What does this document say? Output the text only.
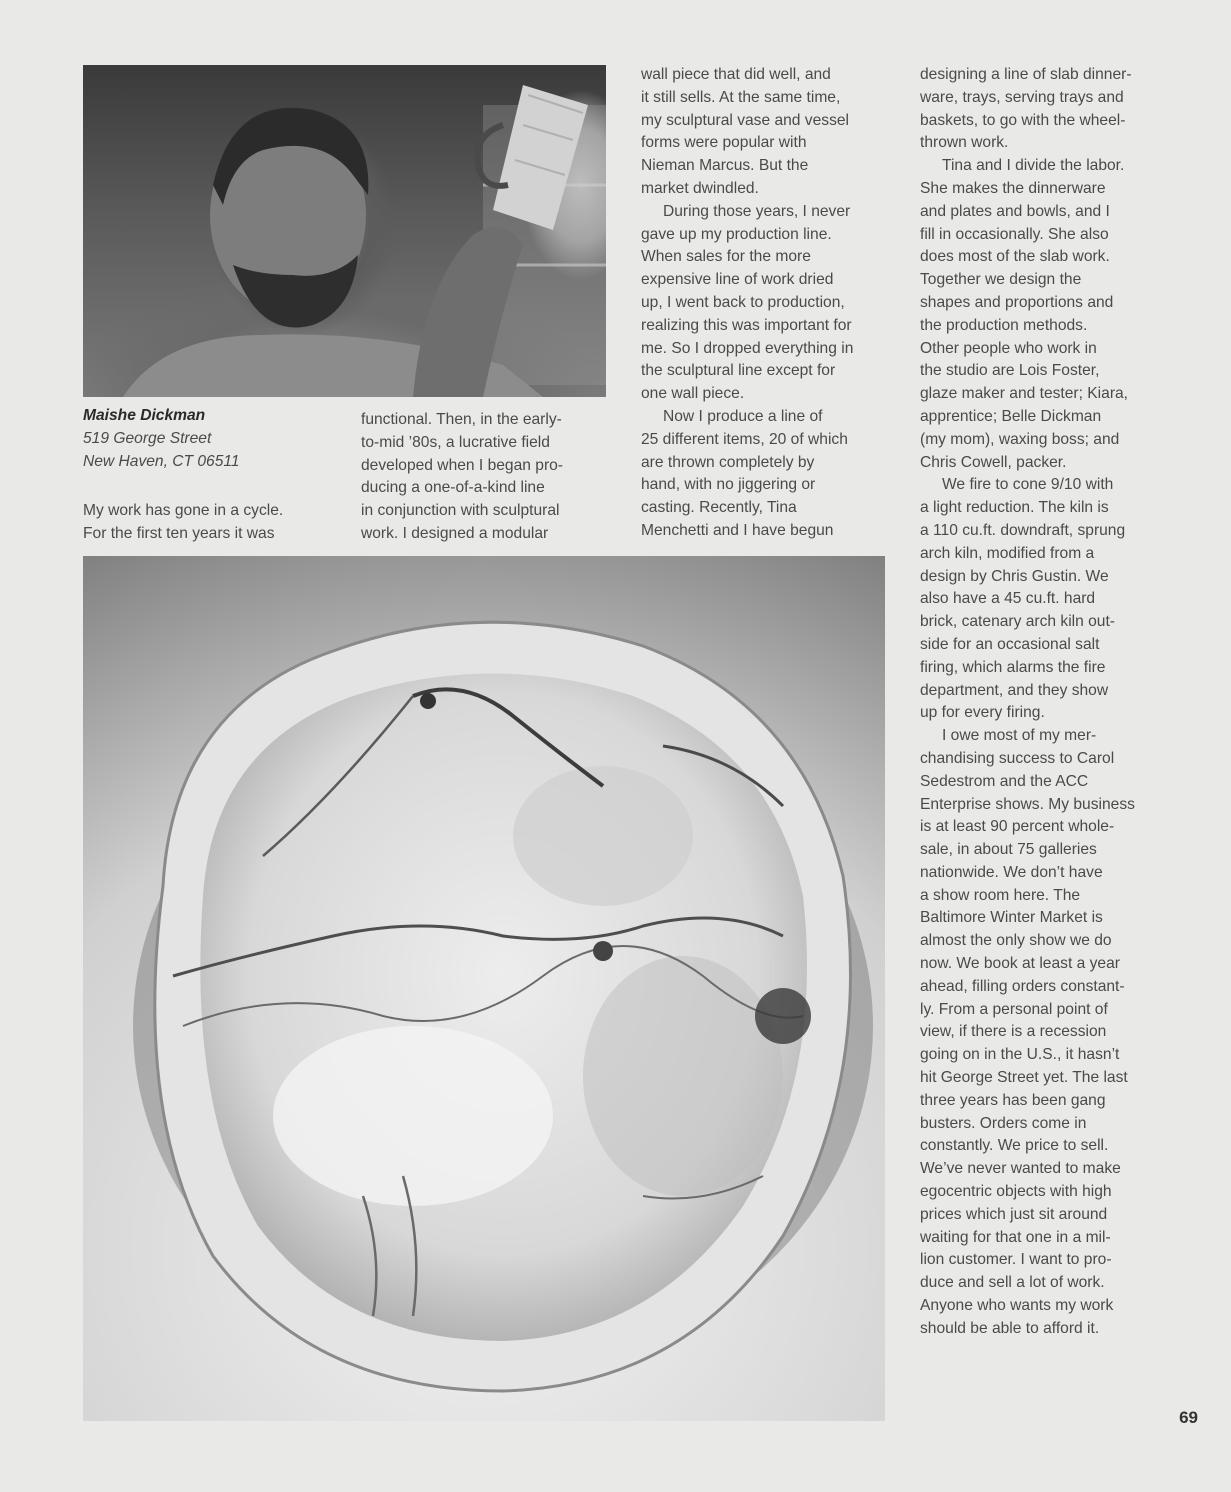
Maishe Dickman
519 George Street
New Haven, CT 06511
My work has gone in a cycle.
For the first ten years it was
functional. Then, in the early-
to-mid ’80s, a lucrative field
developed when I began pro-
ducing a one-of-a-kind line
in conjunction with sculptural
work. I designed a modular
wall piece that did well, and
it still sells. At the same time,
my sculptural vase and vessel
forms were popular with
Nieman Marcus. But the
market dwindled.
During those years, I never
gave up my production line.
When sales for the more
expensive line of work dried
up, I went back to production,
realizing this was important for
me. So I dropped everything in
the sculptural line except for
one wall piece.
Now I produce a line of
25 different items, 20 of which
are thrown completely by
hand, with no jiggering or
casting. Recently, Tina
Menchetti and I have begun
designing a line of slab dinner-
ware, trays, serving trays and
baskets, to go with the wheel-
thrown work.
Tina and I divide the labor.
She makes the dinnerware
and plates and bowls, and I
fill in occasionally. She also
does most of the slab work.
Together we design the
shapes and proportions and
the production methods.
Other people who work in
the studio are Lois Foster,
glaze maker and tester; Kiara,
apprentice; Belle Dickman
(my mom), waxing boss; and
Chris Cowell, packer.
We fire to cone 9/10 with
a light reduction. The kiln is
a 110 cu.ft. downdraft, sprung
arch kiln, modified from a
design by Chris Gustin. We
also have a 45 cu.ft. hard
brick, catenary arch kiln out-
side for an occasional salt
firing, which alarms the fire
department, and they show
up for every firing.
I owe most of my mer-
chandising success to Carol
Sedestrom and the ACC
Enterprise shows. My business
is at least 90 percent whole-
sale, in about 75 galleries
nationwide. We don’t have
a show room here. The
Baltimore Winter Market is
almost the only show we do
now. We book at least a year
ahead, filling orders constant-
ly. From a personal point of
view, if there is a recession
going on in the U.S., it hasn’t
hit George Street yet. The last
three years has been gang
busters. Orders come in
constantly. We price to sell.
We’ve never wanted to make
egocentric objects with high
prices which just sit around
waiting for that one in a mil-
lion customer. I want to pro-
duce and sell a lot of work.
Anyone who wants my work
should be able to afford it.
69
